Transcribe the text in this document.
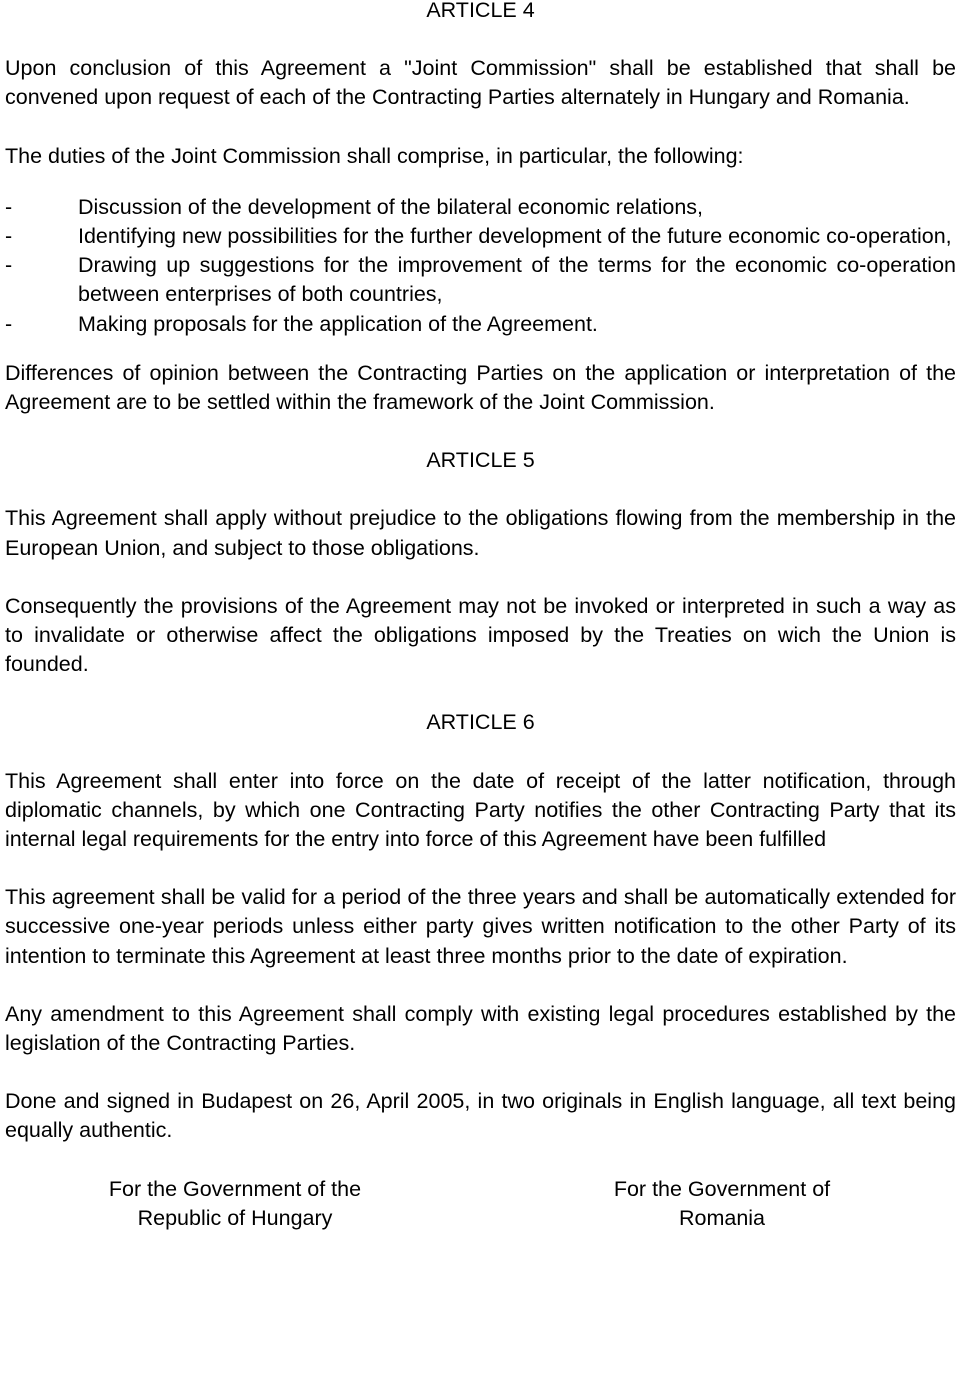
ARTICLE 4

Upon conclusion of this Agreement a "Joint Commission" shall be established that shall be convened upon request of each of the Contracting Parties alternately in Hungary and Romania.

The duties of the Joint Commission shall comprise, in particular, the following:

-	Discussion of the development of the bilateral economic relations,
-	Identifying new possibilities for the further development of the future economic co-operation,
-	Drawing up suggestions for the improvement of the terms for the economic co-operation between enterprises of both countries,
-	Making proposals for the application of the Agreement.

Differences of opinion between the Contracting Parties on the application or interpretation of the Agreement are to be settled within the framework of the Joint Commission.

ARTICLE 5

This Agreement shall apply without prejudice to the obligations flowing from the membership in the European Union, and subject to those obligations.

Consequently the provisions of the Agreement may not be invoked or interpreted in such a way as to invalidate or otherwise affect the obligations imposed by the Treaties on wich the Union is founded.

ARTICLE 6

This Agreement shall enter into force on the date of receipt of the latter notification, through diplomatic channels, by which one Contracting Party notifies the other Contracting Party that its internal legal requirements for the entry into force of this Agreement have been fulfilled

This agreement shall be valid for a period of the three years and shall be automatically extended for successive one-year periods unless either party gives written notification to the other Party of its intention to terminate this Agreement at least three months prior to the date of expiration.

Any amendment to this Agreement shall comply with existing legal procedures established by the legislation of the Contracting Parties.

Done and signed in Budapest on 26, April 2005, in two originals in English language, all text being equally authentic.

For the Government of the
Republic of Hungary
For the Government of
Romania
